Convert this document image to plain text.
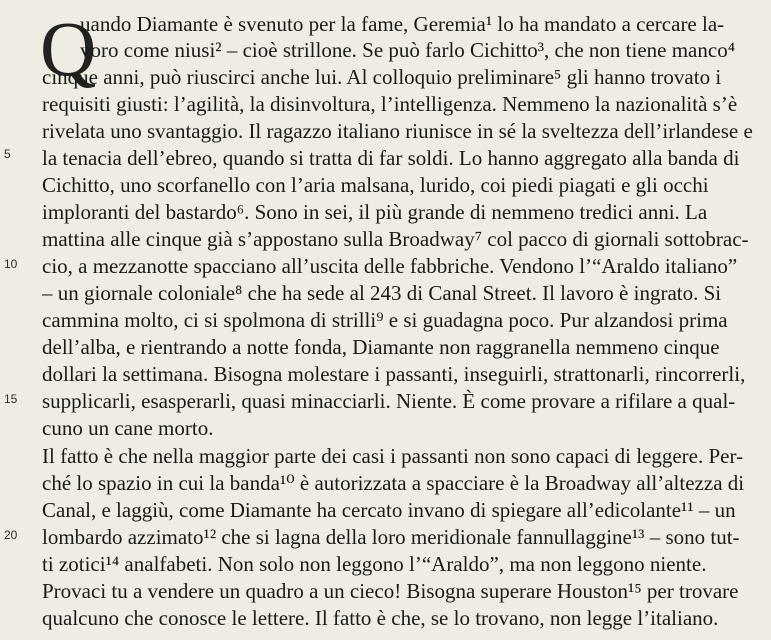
Q
uando Diamante è svenuto per la fame, Geremia¹ lo ha mandato a cercare la-
voro come niusi² – cioè strillone. Se può farlo Cichitto³, che non tiene manco⁴
cinque anni, può riuscirci anche lui. Al colloquio preliminare⁵ gli hanno trovato i
requisiti giusti: l’agilità, la disinvoltura, l’intelligenza. Nemmeno la nazionalità s’è
rivelata uno svantaggio. Il ragazzo italiano riunisce in sé la sveltezza dell’irlandese e
la tenacia dell’ebreo, quando si tratta di far soldi. Lo hanno aggregato alla banda di
Cichitto, uno scorfanello con l’aria malsana, lurido, coi piedi piagati e gli occhi
imploranti del bastardo⁶. Sono in sei, il più grande di nemmeno tredici anni. La
mattina alle cinque già s’appostano sulla Broadway⁷ col pacco di giornali sottobrac-
cio, a mezzanotte spacciano all’uscita delle fabbriche. Vendono l’“Araldo italiano”
– un giornale coloniale⁸ che ha sede al 243 di Canal Street. Il lavoro è ingrato. Si
cammina molto, ci si spolmona di strilli⁹ e si guadagna poco. Pur alzandosi prima
dell’alba, e rientrando a notte fonda, Diamante non raggranella nemmeno cinque
dollari la settimana. Bisogna molestare i passanti, inseguirli, strattonarli, rincorrerli,
supplicarli, esasperarli, quasi minacciarli. Niente. È come provare a rifilare a qual-
cuno un cane morto.
Il fatto è che nella maggior parte dei casi i passanti non sono capaci di leggere. Per-
ché lo spazio in cui la banda¹⁰ è autorizzata a spacciare è la Broadway all’altezza di
Canal, e laggiù, come Diamante ha cercato invano di spiegare all’edicolante¹¹ – un
lombardo azzimato¹² che si lagna della loro meridionale fannullaggine¹³ – sono tut-
ti zotici¹⁴ analfabeti. Non solo non leggono l’“Araldo”, ma non leggono niente.
Provaci tu a vendere un quadro a un cieco! Bisogna superare Houston¹⁵ per trovare
qualcuno che conosce le lettere. Il fatto è che, se lo trovano, non legge l’italiano.
5
10
15
20
